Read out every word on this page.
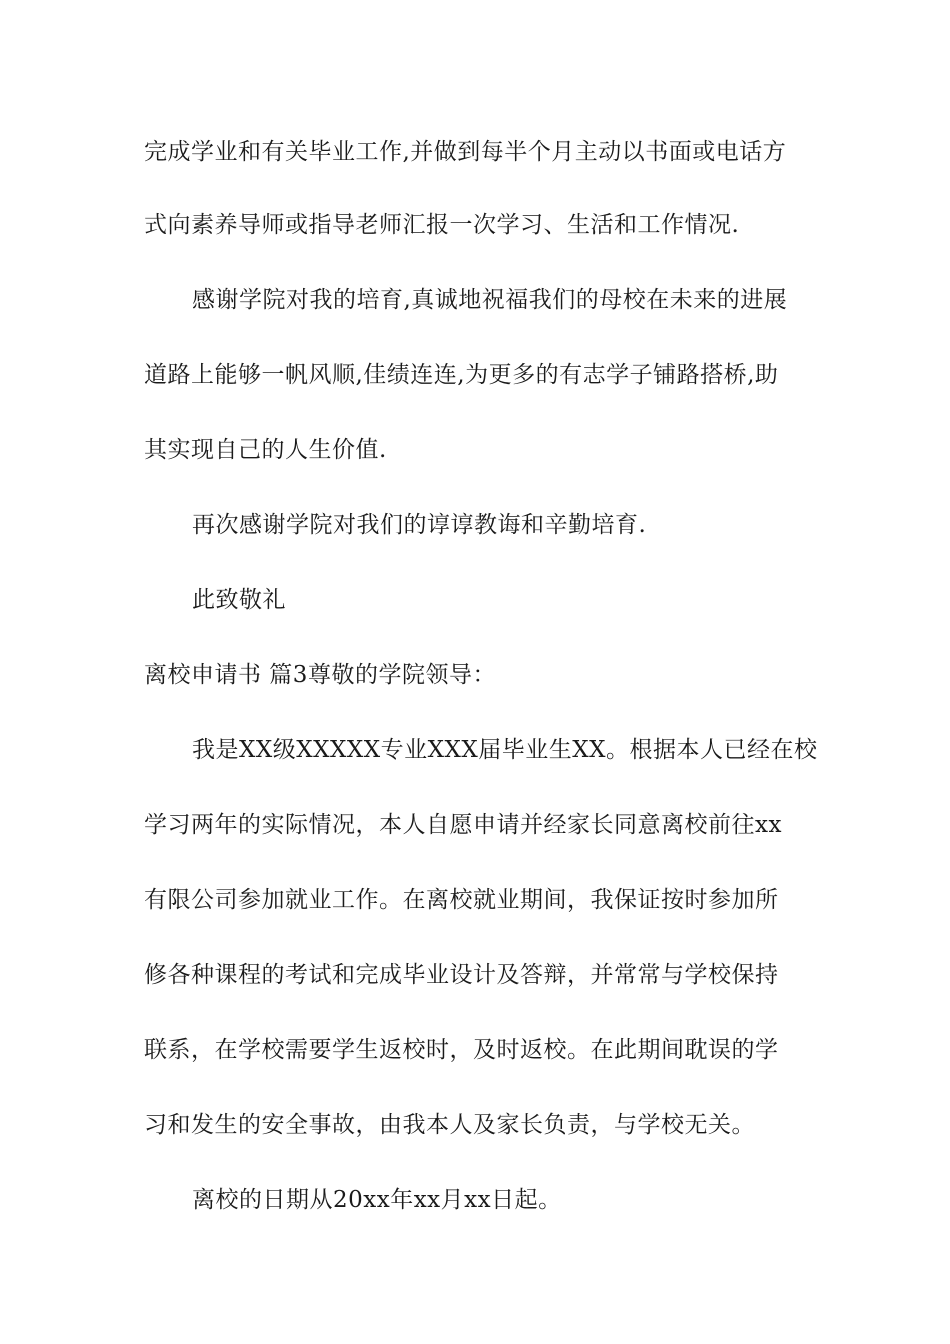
完成学业和有关毕业工作,并做到每半个月主动以书面或电话方
式向素养导师或指导老师汇报一次学习、生活和工作情况.
感谢学院对我的培育,真诚地祝福我们的母校在未来的进展
道路上能够一帆风顺,佳绩连连,为更多的有志学子铺路搭桥,助
其实现自己的人生价值.
再次感谢学院对我们的谆谆教诲和辛勤培育.
此致敬礼
离校申请书 篇3尊敬的学院领导：
我是XX级XXXXX专业XXX届毕业生XX。根据本人已经在校
学习两年的实际情况，本人自愿申请并经家长同意离校前往xx
有限公司参加就业工作。在离校就业期间，我保证按时参加所
修各种课程的考试和完成毕业设计及答辩，并常常与学校保持
联系，在学校需要学生返校时，及时返校。在此期间耽误的学
习和发生的安全事故，由我本人及家长负责，与学校无关。
离校的日期从20xx年xx月xx日起。
